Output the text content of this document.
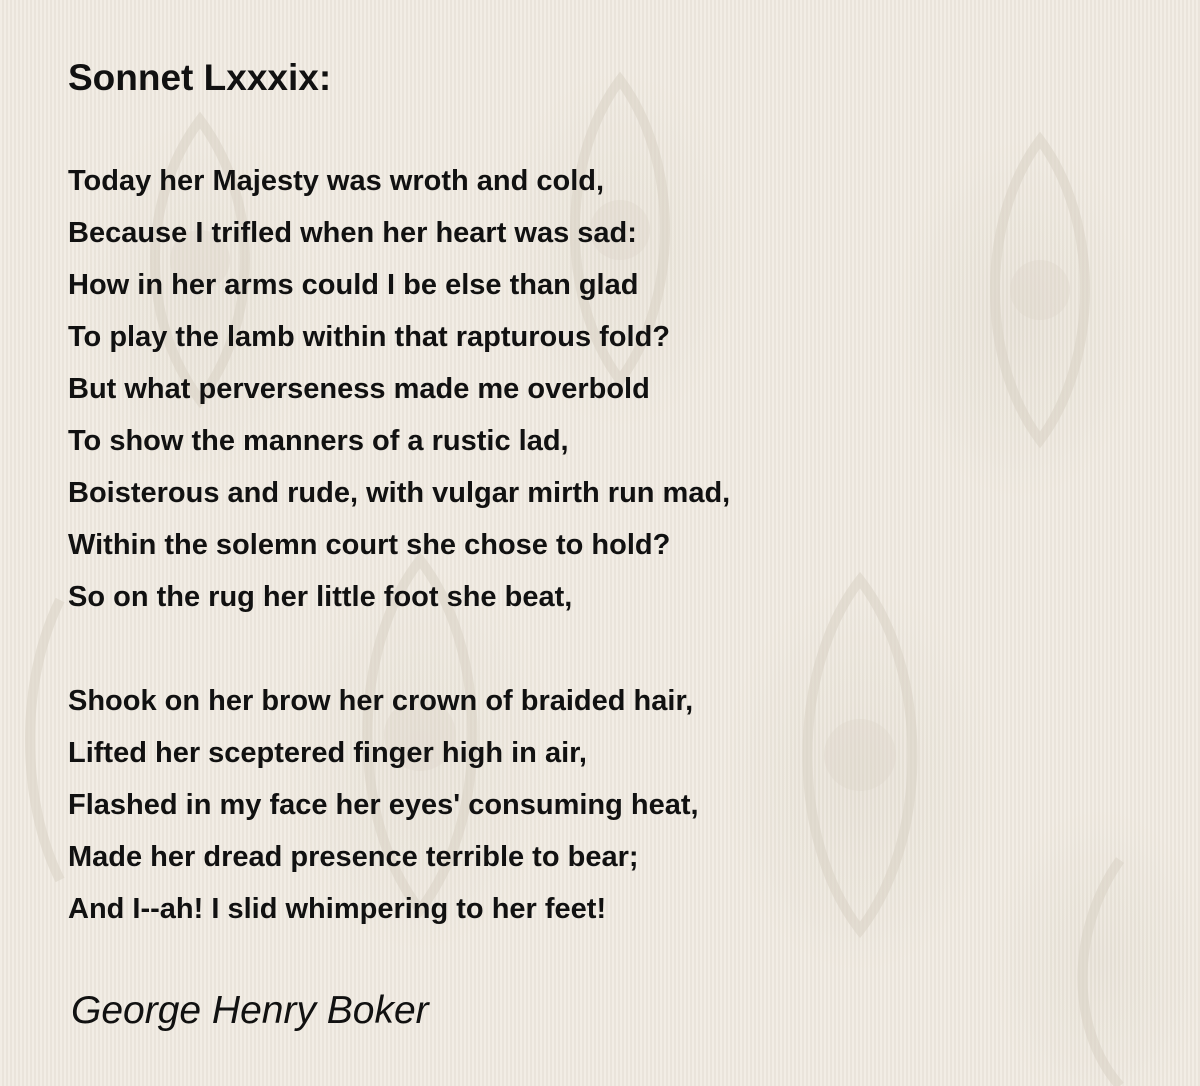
Sonnet Lxxxix:
Today her Majesty was wroth and cold,
Because I trifled when her heart was sad:
How in her arms could I be else than glad
To play the lamb within that rapturous fold?
But what perverseness made me overbold
To show the manners of a rustic lad,
Boisterous and rude, with vulgar mirth run mad,
Within the solemn court she chose to hold?
So on the rug her little foot she beat,
Shook on her brow her crown of braided hair,
Lifted her sceptered finger high in air,
Flashed in my face her eyes' consuming heat,
Made her dread presence terrible to bear;
And I--ah! I slid whimpering to her feet!

George Henry Boker
